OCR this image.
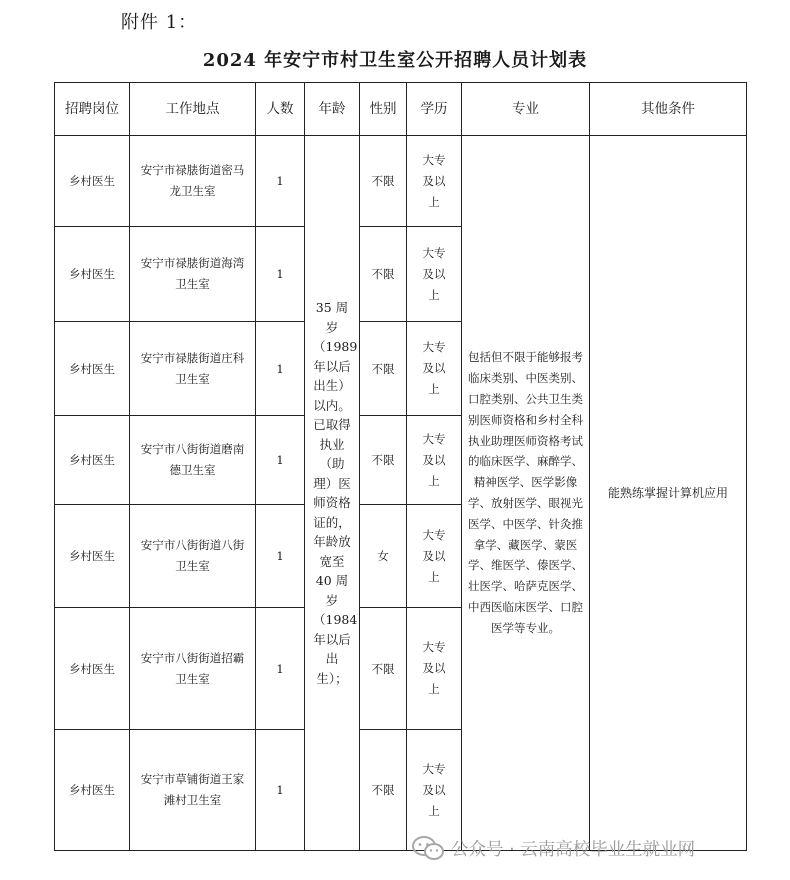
附件 1：
2024 年安宁市村卫生室公开招聘人员计划表
招聘岗位	工作地点	人数	年龄	性别	学历	专业	其他条件
乡村医生	安宁市禄脿街道密马龙卫生室	1	35 周岁（1989 年以后出生）以内。已取得执业（助理）医师资格证的，年龄放宽至 40 周岁（1984 年以后出生）；	不限	大专及以上	包括但不限于能够报考临床类别、中医类别、口腔类别、公共卫生类别医师资格和乡村全科执业助理医师资格考试的临床医学、麻醉学、精神医学、医学影像学、放射医学、眼视光医学、中医学、针灸推拿学、藏医学、蒙医学、维医学、傣医学、壮医学、哈萨克医学、中西医临床医学、口腔医学等专业。	能熟练掌握计算机应用
乡村医生	安宁市禄脿街道海湾卫生室	1		不限	大专及以上		
乡村医生	安宁市禄脿街道庄科卫生室	1		不限	大专及以上		
乡村医生	安宁市八街街道磨南德卫生室	1		不限	大专及以上		
乡村医生	安宁市八街街道八街卫生室	1		女	大专及以上		
乡村医生	安宁市八街街道招霸卫生室	1		不限	大专及以上		
乡村医生	安宁市草铺街道王家滩村卫生室	1		不限	大专及以上		
公众号 · 云南高校毕业生就业网
